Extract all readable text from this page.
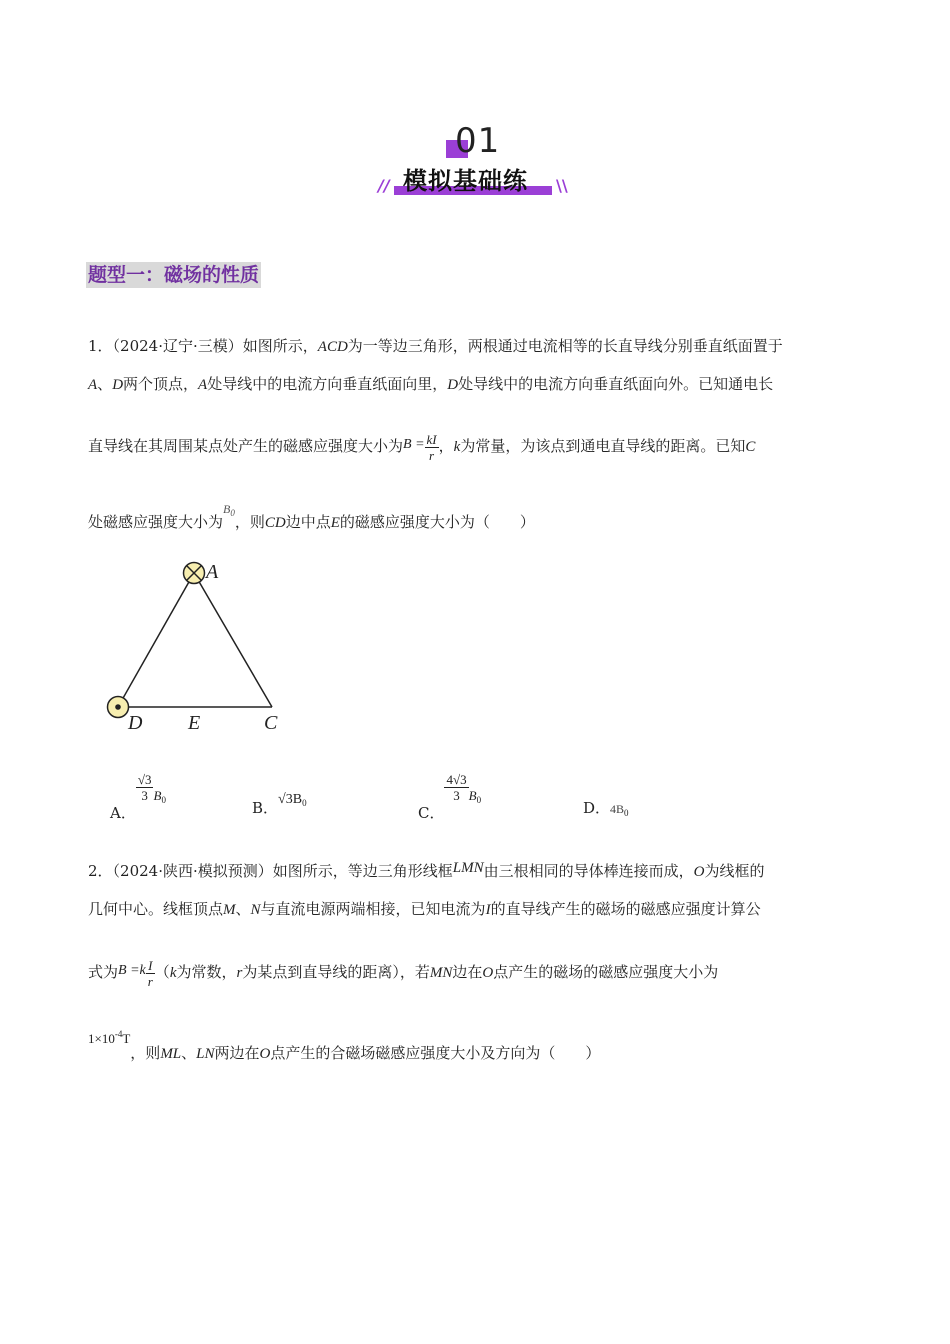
01
模拟基础练
//	\\
题型一：磁场的性质
1．（2024·辽宁·三模）如图所示，ACD为一等边三角形，两根通过电流相等的长直导线分别垂直纸面置于
A、D两个顶点，A处导线中的电流方向垂直纸面向里，D处导线中的电流方向垂直纸面向外。已知通电长
直导线在其周围某点处产生的磁感应强度大小为$B = \frac{kI}{r}$ ，k为常量，为该点到通电直导线的距离。已知C
处磁感应强度大小为$^{B_0}$，则CD边中点E的磁感应强度大小为（　　）
A
D E	C
A．
$\frac{√3}{3} B^0$	B．$√3B_0$
C．
$\frac{4√3}{3} B^0$	D．$4B_0$
2．（2024·陕西·模拟预测）如图所示，等边三角形线框LMN由三根相同的导体棒连接而成，O为线框的
几何中心。线框顶点M、N与直流电源两端相接，已知电流为I的直导线产生的磁场的磁感应强度计算公
式为$B =k \frac{I}{r} (k$为常数，r为某点到直导线的距离），若MN边在O点产生的磁场的磁感应强度大小为
$1\times 10^{-4}T$，则ML、LN两边在O点产生的合磁场磁感应强度大小及方向为（　　）
